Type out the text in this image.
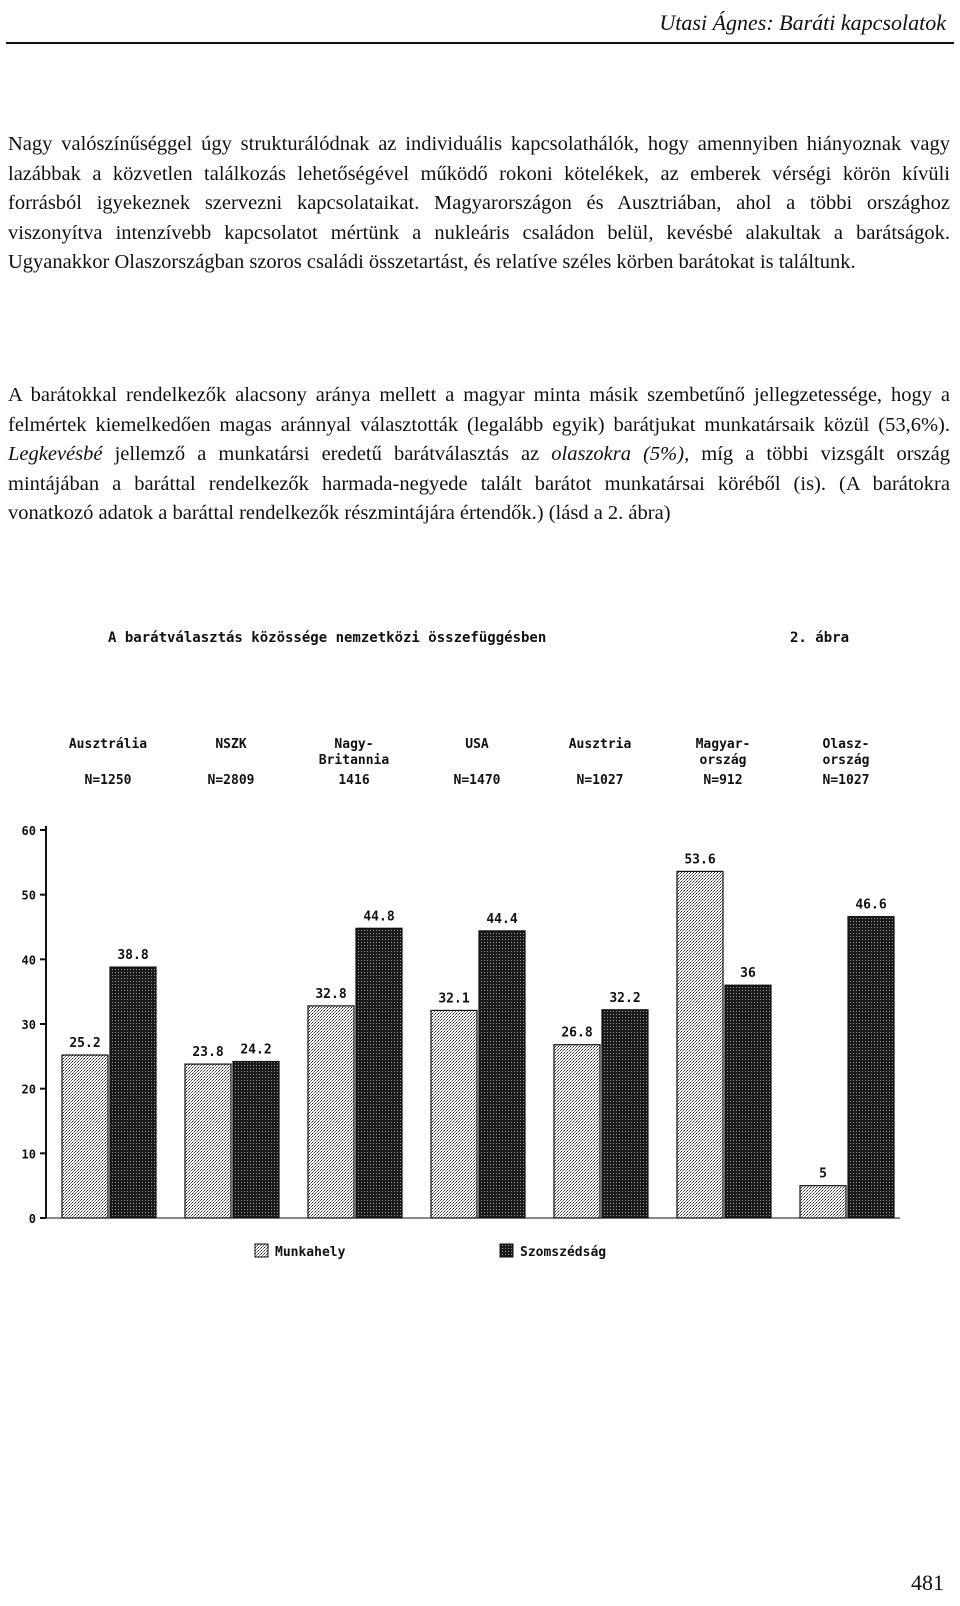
Utasi Ágnes: Baráti kapcsolatok

Nagy valószínűséggel úgy strukturálódnak az individuális kapcsolathálók, hogy amennyiben hiányoznak vagy lazábbak a közvetlen találkozás lehetőségével működő rokoni kötelékek, az emberek vérségi körön kívüli forrásból igyekeznek szervezni kapcsolataikat. Magyarországon és Ausztriában, ahol a többi országhoz viszonyítva intenzívebb kapcsolatot mértünk a nukleáris családon belül, kevésbé alakultak a barátságok. Ugyanakkor Olaszországban szoros családi összetartást, és relatíve széles körben barátokat is találtunk.

A barátokkal rendelkezők alacsony aránya mellett a magyar minta másik szembetűnő jellegzetessége, hogy a felmértek kiemelkedően magas aránnyal választották (legalább egyik) barátjukat munkatársaik közül (53,6%). Legkevésbé jellemző a munkatársi eredetű barátválasztás az olaszokra (5%), míg a többi vizsgált ország mintájában a baráttal rendelkezők harmada-negyede talált barátot munkatársai köréből (is). (A barátokra vonatkozó adatok a baráttal rendelkezők részmintájára értendők.) (lásd a 2. ábra)

A barátválasztás közössége nemzetközi összefüggésben	2. ábra
0
10
20
30
40
50
60
Ausztrália
N=1250
NSZK
N=2809
Nagy-
Britannia
1416
USA
N=1470
Ausztria
N=1027
Magyar-
ország
N=912
Olasz-
ország
N=1027
25.2
23.8
32.8	32.1
26.8
53.6
5
38.8
24.2
44.8	44.4
32.2
36
46.6
Munkahely	Szomszédság
481
